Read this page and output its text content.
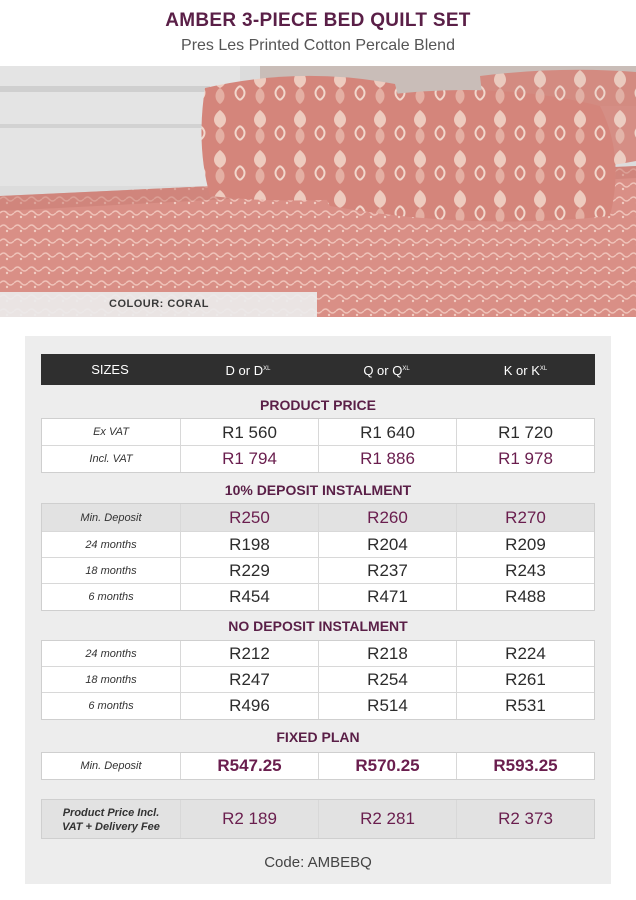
AMBER 3-PIECE BED QUILT SET
Pres Les Printed Cotton Percale Blend
COLOUR: CORAL
SIZES	D or $D^{XL}$	Q or $Q^{XL}$	K or $K^{XL}$
PRODUCT PRICE
Ex VAT	R1 560	R1 640	R1 720
Incl. VAT	R1 794	R1 886	R1 978
10% DEPOSIT INSTALMENT
Min. Deposit	R250	R260	R270
24 months	R198	R204	R209
18 months	R229	R237	R243
6 months	R454	R471	R488
NO DEPOSIT INSTALMENT
24 months	R212	R218	R224
18 months	R247	R254	R261
6 months	R496	R514	R531
FIXED PLAN
Min. Deposit	R547.25	R570.25	R593.25
Product Price Incl.
VAT + Delivery Fee	R2 189	R2 281	R2 373
Code: AMBEBQ
